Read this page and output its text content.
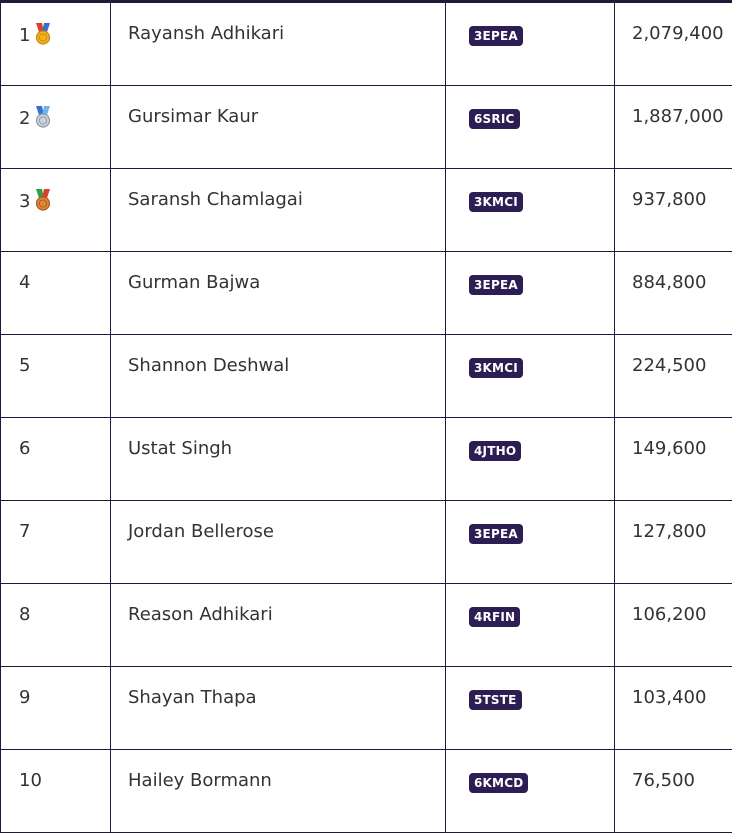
1	Rayansh Adhikari	3EPEA	2,079,400
2	Gursimar Kaur	6SRIC	1,887,000
3	Saransh Chamlagai	3KMCI	937,800
4	Gurman Bajwa	3EPEA	884,800
5	Shannon Deshwal	3KMCI	224,500
6	Ustat Singh	4JTHO	149,600
7	Jordan Bellerose	3EPEA	127,800
8	Reason Adhikari	4RFIN	106,200
9	Shayan Thapa	5TSTE	103,400
10	Hailey Bormann	6KMCD	76,500
